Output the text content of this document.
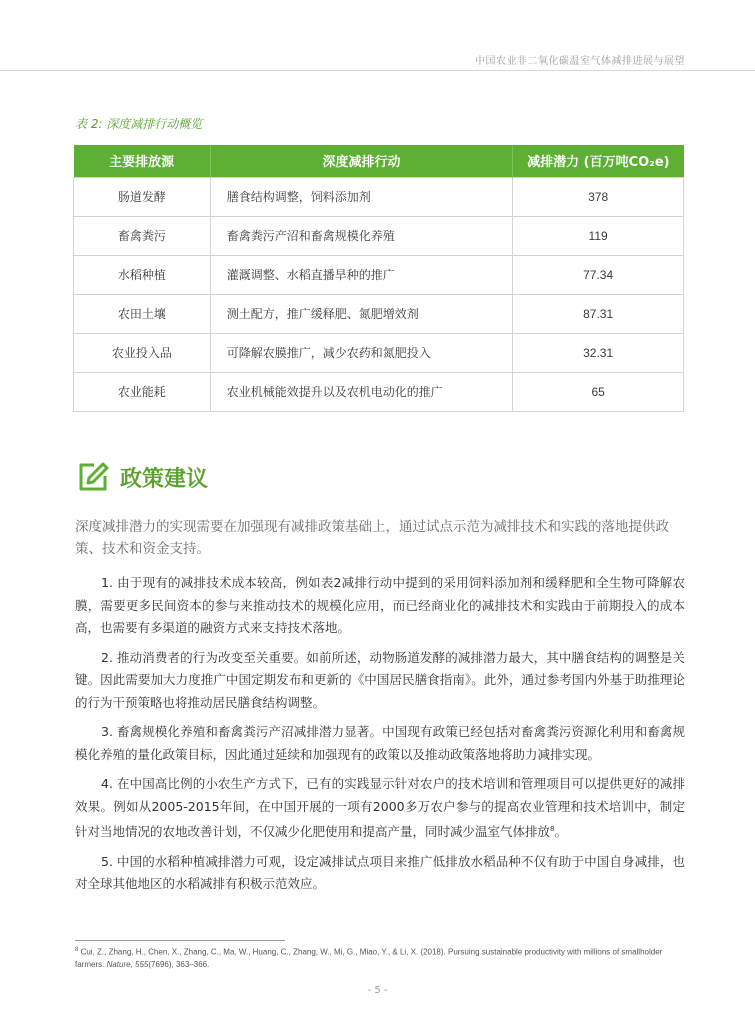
中国农业非二氧化碳温室气体减排进展与展望
表 2: 深度减排行动概览
主要排放源	深度减排行动	减排潜力 (百万吨CO₂e)
肠道发酵	膳食结构调整，饲料添加剂	378
畜禽粪污	畜禽粪污产沼和畜禽规模化养殖	119
水稻种植	灌溉调整、水稻直播旱种的推广	77.34
农田土壤	测土配方，推广缓释肥、氮肥增效剂	87.31
农业投入品	可降解农膜推广，减少农药和氮肥投入	32.31
农业能耗	农业机械能效提升以及农机电动化的推广	65
政策建议
深度减排潜力的实现需要在加强现有减排政策基础上，通过试点示范为减排技术和实践的落地提供政策、技术和资金支持。
1. 由于现有的减排技术成本较高，例如表2减排行动中提到的采用饲料添加剂和缓释肥和全生物可降解农膜，需要更多民间资本的参与来推动技术的规模化应用，而已经商业化的减排技术和实践由于前期投入的成本高，也需要有多渠道的融资方式来支持技术落地。
2. 推动消费者的行为改变至关重要。如前所述，动物肠道发酵的减排潜力最大，其中膳食结构的调整是关键。因此需要加大力度推广中国定期发布和更新的《中国居民膳食指南》。此外，通过参考国内外基于助推理论的行为干预策略也将推动居民膳食结构调整。
3. 畜禽规模化养殖和畜禽粪污产沼减排潜力显著。中国现有政策已经包括对畜禽粪污资源化利用和畜禽规模化养殖的量化政策目标，因此通过延续和加强现有的政策以及推动政策落地将助力减排实现。
4. 在中国高比例的小农生产方式下，已有的实践显示针对农户的技术培训和管理项目可以提供更好的减排效果。例如从2005-2015年间，在中国开展的一项有2000多万农户参与的提高农业管理和技术培训中，制定针对当地情况的农地改善计划，不仅减少化肥使用和提高产量，同时减少温室气体排放$^8$。
5. 中国的水稻种植减排潜力可观，设定减排试点项目来推广低排放水稻品种不仅有助于中国自身减排，也对全球其他地区的水稻减排有积极示范效应。
$^8$ Cui, Z., Zhang, H., Chen, X., Zhang, C., Ma, W., Huang, C., Zhang, W., Mi, G., Miao, Y., & Li, X. (2018). Pursuing sustainable productivity with millions of smallholder farmers. Nature, 555(7696), 363–366.
- 5 -
